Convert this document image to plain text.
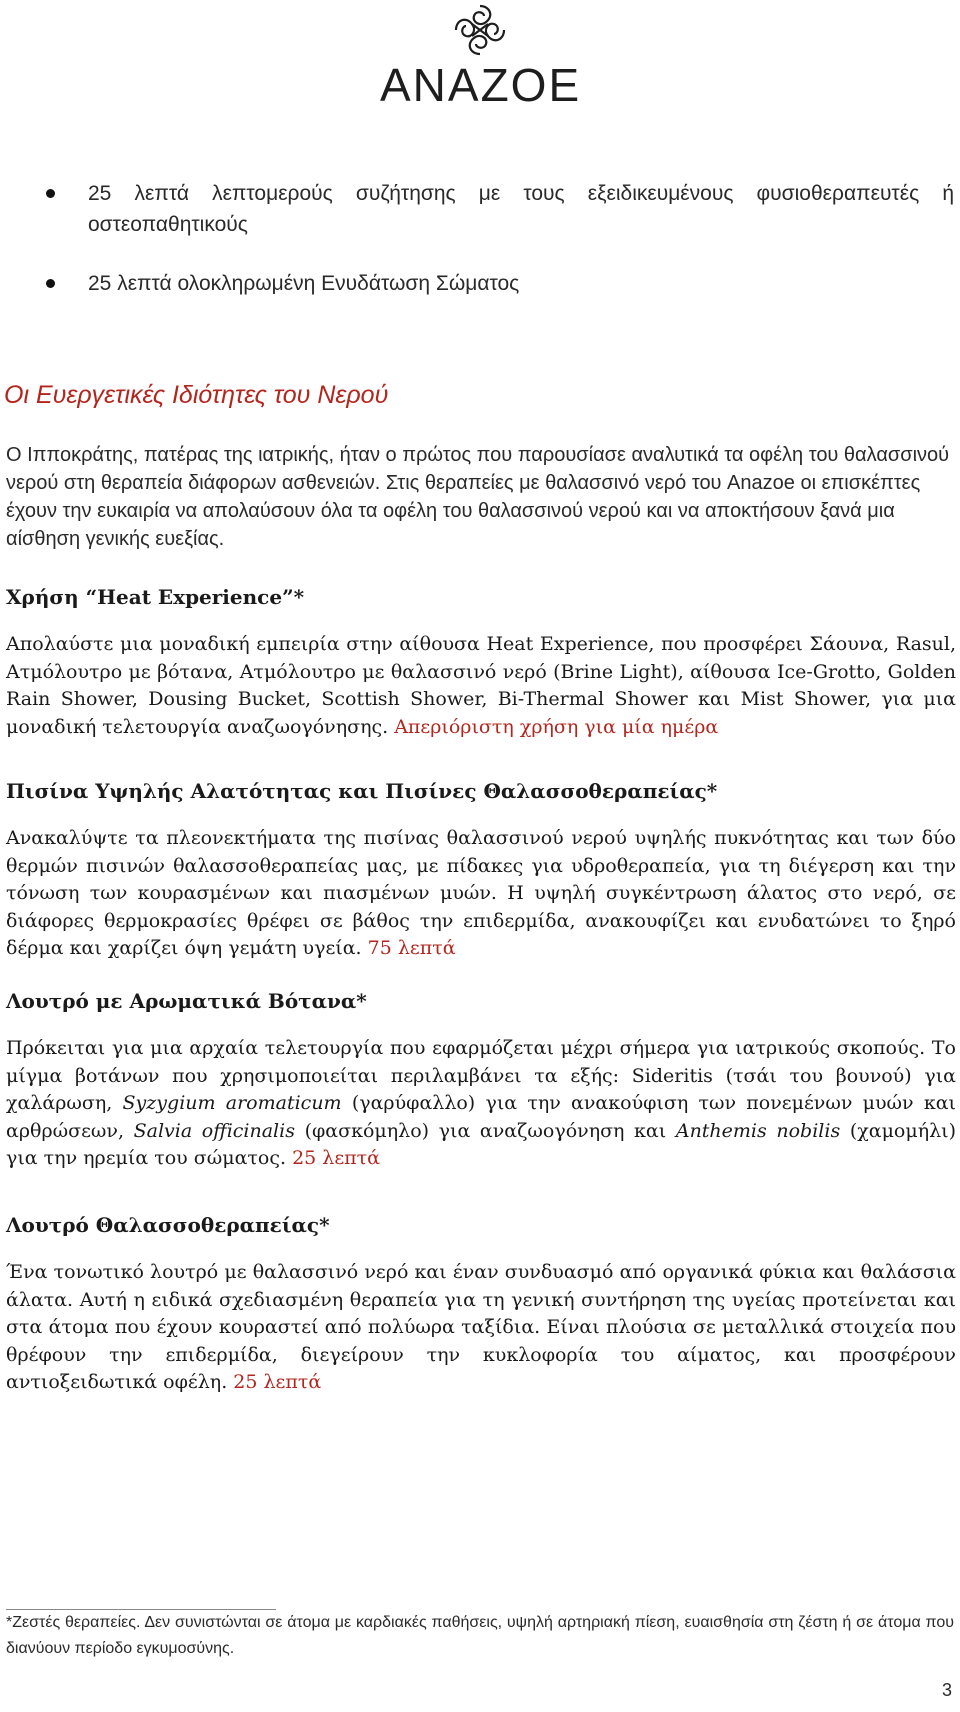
ANAZOE
25 λεπτά λεπτομερούς συζήτησης με τους εξειδικευμένους φυσιοθεραπευτές ή οστεοπαθητικούς
25 λεπτά ολοκληρωμένη Ενυδάτωση Σώματος
Οι Ευεργετικές Ιδιότητες του Νερού
Ο Ιπποκράτης, πατέρας της ιατρικής, ήταν ο πρώτος που παρουσίασε αναλυτικά τα οφέλη του θαλασσινού νερού στη θεραπεία διάφορων ασθενειών. Στις θεραπείες με θαλασσινό νερό του Anazoe οι επισκέπτες έχουν την ευκαιρία να απολαύσουν όλα τα οφέλη του θαλασσινού νερού και να αποκτήσουν ξανά μια αίσθηση γενικής ευεξίας.
Χρήση “Heat Experience”*

Απολαύστε μια μοναδική εμπειρία στην αίθουσα Heat Experience, που προσφέρει Σάουνα, Rasul, Ατμόλουτρο με βότανα, Ατμόλουτρο με θαλασσινό νερό (Brine Light), αίθουσα Ice-Grotto, Golden Rain Shower, Dousing Bucket, Scottish Shower, Bi-Thermal Shower και Mist Shower, για μια μοναδική τελετουργία αναζωογόνησης. Απεριόριστη χρήση για μία ημέρα

Πισίνα Υψηλής Αλατότητας και Πισίνες Θαλασσοθεραπείας*

Ανακαλύψτε τα πλεονεκτήματα της πισίνας θαλασσινού νερού υψηλής πυκνότητας και των δύο θερμών πισινών θαλασσοθεραπείας μας, με πίδακες για υδροθεραπεία, για τη διέγερση και την τόνωση των κουρασμένων και πιασμένων μυών. Η υψηλή συγκέντρωση άλατος στο νερό, σε διάφορες θερμοκρασίες θρέφει σε βάθος την επιδερμίδα, ανακουφίζει και ενυδατώνει το ξηρό δέρμα και χαρίζει όψη γεμάτη υγεία. 75 λεπτά

Λουτρό με Αρωματικά Βότανα*

Πρόκειται για μια αρχαία τελετουργία που εφαρμόζεται μέχρι σήμερα για ιατρικούς σκοπούς. Το μίγμα βοτάνων που χρησιμοποιείται περιλαμβάνει τα εξής: Sideritis (τσάι του βουνού) για χαλάρωση, Syzygium aromaticum (γαρύφαλλο) για την ανακούφιση των πονεμένων μυών και αρθρώσεων, Salvia officinalis (φασκόμηλο) για αναζωογόνηση και Anthemis nobilis (χαμομήλι) για την ηρεμία του σώματος. 25 λεπτά

Λουτρό Θαλασσοθεραπείας*

Ένα τονωτικό λουτρό με θαλασσινό νερό και έναν συνδυασμό από οργανικά φύκια και θαλάσσια άλατα. Αυτή η ειδικά σχεδιασμένη θεραπεία για τη γενική συντήρηση της υγείας προτείνεται και στα άτομα που έχουν κουραστεί από πολύωρα ταξίδια. Είναι πλούσια σε μεταλλικά στοιχεία που θρέφουν την επιδερμίδα, διεγείρουν την κυκλοφορία του αίματος, και προσφέρουν αντιοξειδωτικά οφέλη. 25 λεπτά

*Ζεστές θεραπείες. Δεν συνιστώνται σε άτομα με καρδιακές παθήσεις, υψηλή αρτηριακή πίεση, ευαισθησία στη ζέστη ή σε άτομα που διανύουν περίοδο εγκυμοσύνης.
3
